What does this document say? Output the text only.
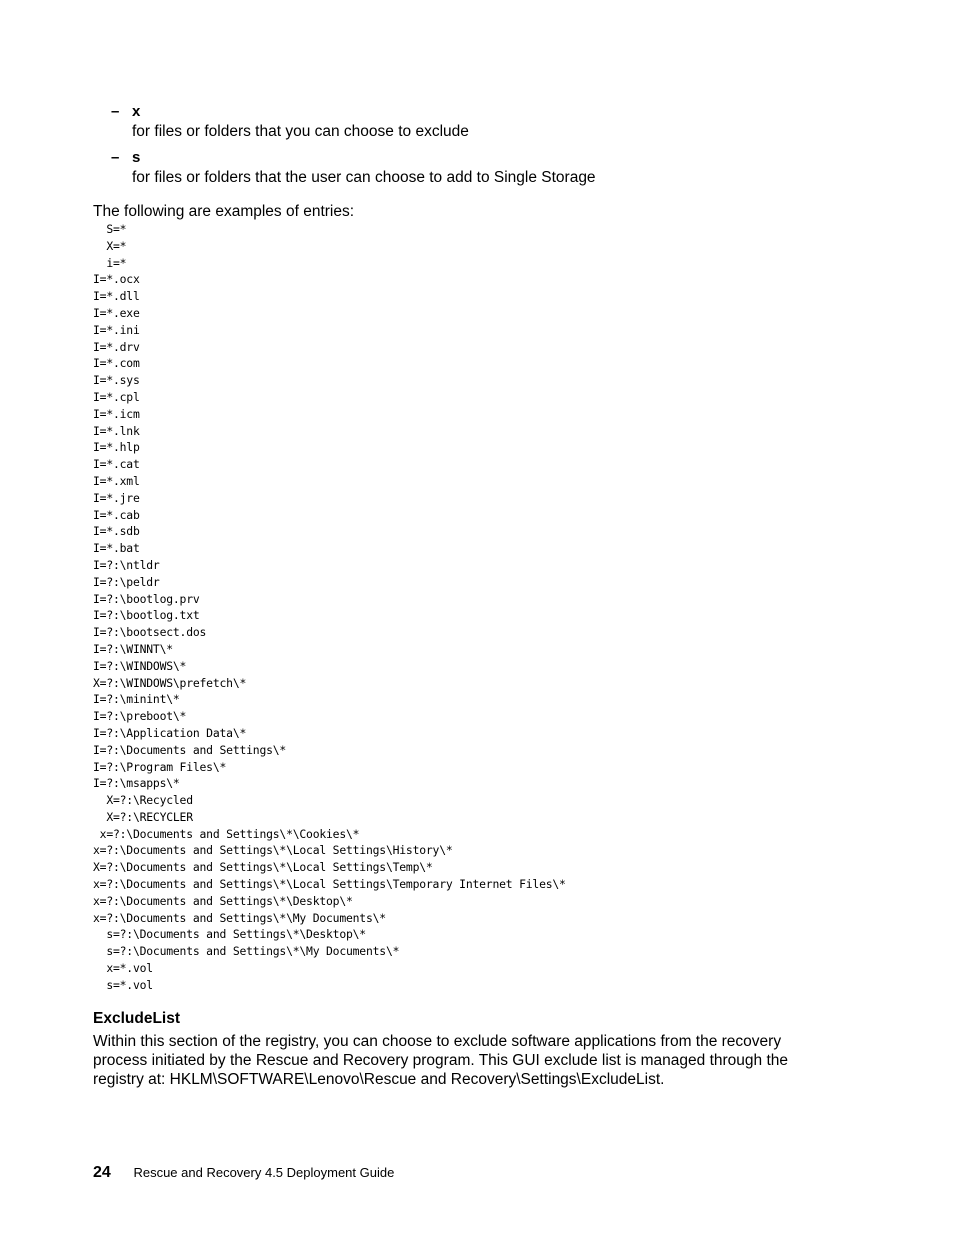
– x
for files or folders that you can choose to exclude
– s
for files or folders that the user can choose to add to Single Storage

The following are examples of entries:

S=*
X=*
i=*
I=*.ocx
I=*.dll
I=*.exe
I=*.ini
I=*.drv
I=*.com
I=*.sys
I=*.cpl
I=*.icm
I=*.lnk
I=*.hlp
I=*.cat
I=*.xml
I=*.jre
I=*.cab
I=*.sdb
I=*.bat
I=?:\ntldr
I=?:\peldr
I=?:\bootlog.prv
I=?:\bootlog.txt
I=?:\bootsect.dos
I=?:\WINNT\*
I=?:\WINDOWS\*
X=?:\WINDOWS\prefetch\*
I=?:\minint\*
I=?:\preboot\*
I=?:\Application Data\*
I=?:\Documents and Settings\*
I=?:\Program Files\*
I=?:\msapps\*
X=?:\Recycled
X=?:\RECYCLER
x=?:\Documents and Settings\*\Cookies\*
x=?:\Documents and Settings\*\Local Settings\History\*
X=?:\Documents and Settings\*\Local Settings\Temp\*
x=?:\Documents and Settings\*\Local Settings\Temporary Internet Files\*
x=?:\Documents and Settings\*\Desktop\*
x=?:\Documents and Settings\*\My Documents\*
s=?:\Documents and Settings\*\Desktop\*
s=?:\Documents and Settings\*\My Documents\*
x=*.vol
s=*.vol
ExcludeList

Within this section of the registry, you can choose to exclude software applications from the recovery process initiated by the Rescue and Recovery program. This GUI exclude list is managed through the registry at: HKLM\SOFTWARE\Lenovo\Rescue and Recovery\Settings\ExcludeList.

24 Rescue and Recovery 4.5 Deployment Guide
